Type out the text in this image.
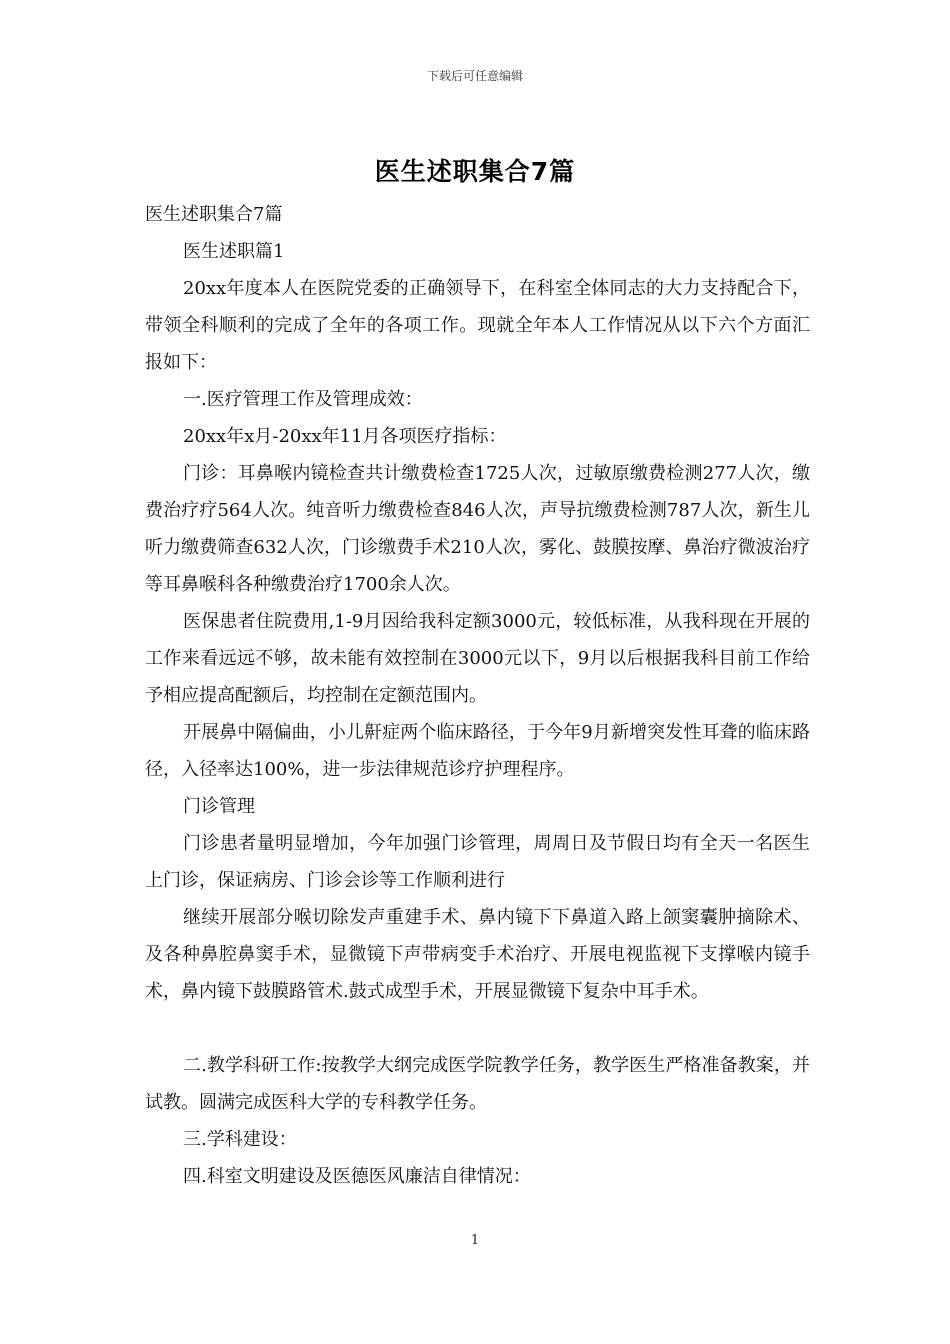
下载后可任意编辑
医生述职集合7篇

医生述职集合7篇

医生述职篇1

20xx年度本人在医院党委的正确领导下，在科室全体同志的大力支持配合下，带领全科顺利的完成了全年的各项工作。现就全年本人工作情况从以下六个方面汇报如下：

一.医疗管理工作及管理成效：

20xx年x月-20xx年11月各项医疗指标：

门诊：耳鼻喉内镜检查共计缴费检查1725人次，过敏原缴费检测277人次，缴费治疗疗564人次。纯音听力缴费检查846人次，声导抗缴费检测787人次，新生儿听力缴费筛查632人次，门诊缴费手术210人次，雾化、鼓膜按摩、鼻治疗微波治疗等耳鼻喉科各种缴费治疗1700余人次。

医保患者住院费用,1-9月因给我科定额3000元，较低标准，从我科现在开展的工作来看远远不够，故未能有效控制在3000元以下，9月以后根据我科目前工作给予相应提高配额后，均控制在定额范围内。

开展鼻中隔偏曲，小儿鼾症两个临床路径，于今年9月新增突发性耳聋的临床路径，入径率达100%，进一步法律规范诊疗护理程序。

门诊管理

门诊患者量明显增加，今年加强门诊管理，周周日及节假日均有全天一名医生上门诊，保证病房、门诊会诊等工作顺利进行

继续开展部分喉切除发声重建手术、鼻内镜下下鼻道入路上颌窦囊肿摘除术、及各种鼻腔鼻窦手术，显微镜下声带病变手术治疗、开展电视监视下支撑喉内镜手术，鼻内镜下鼓膜路管术.鼓式成型手术，开展显微镜下复杂中耳手术。

二.教学科研工作:按教学大纲完成医学院教学任务，教学医生严格准备教案，并试教。圆满完成医科大学的专科教学任务。

三.学科建设：

四.科室文明建设及医德医风廉洁自律情况：

1
